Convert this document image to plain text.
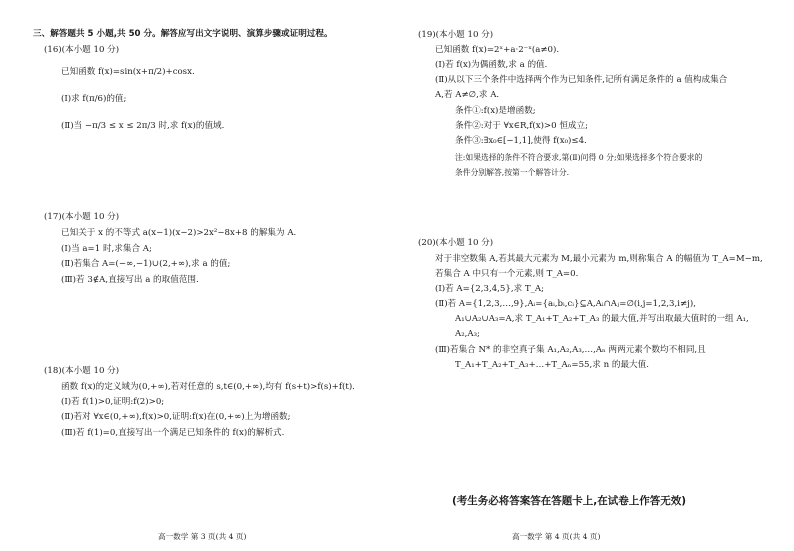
三、解答题共 5 小题,共 50 分。解答应写出文字说明、演算步骤或证明过程。
(16)(本小题 10 分)
已知函数 f(x)=sin(x+π/2)+cosx.
(Ⅰ)求 f(π/6)的值;
(Ⅱ)当 −π/3 ≤ x ≤ 2π/3 时,求 f(x)的值域.
(17)(本小题 10 分)
已知关于 x 的不等式 a(x−1)(x−2)>2x²−8x+8 的解集为 A.
(Ⅰ)当 a=1 时,求集合 A;
(Ⅱ)若集合 A=(−∞,−1)∪(2,+∞),求 a 的值;
(Ⅲ)若 3∉A,直接写出 a 的取值范围.
(18)(本小题 10 分)
函数 f(x)的定义域为(0,+∞),若对任意的 s,t∈(0,+∞),均有 f(s+t)>f(s)+f(t).
(Ⅰ)若 f(1)>0,证明:f(2)>0;
(Ⅱ)若对 ∀x∈(0,+∞),f(x)>0,证明:f(x)在(0,+∞)上为增函数;
(Ⅲ)若 f(1)=0,直接写出一个满足已知条件的 f(x)的解析式.
高一数学 第 3 页(共 4 页)
(19)(本小题 10 分)
已知函数 f(x)=2ˣ+a·2⁻ˣ(a≠0).
(Ⅰ)若 f(x)为偶函数,求 a 的值.
(Ⅱ)从以下三个条件中选择两个作为已知条件,记所有满足条件的 a 值构成集合
A,若 A≠∅,求 A.
条件①:f(x)是增函数;
条件②:对于 ∀x∈R,f(x)>0 恒成立;
条件③:∃x₀∈[−1,1],使得 f(x₀)≤4.
注:如果选择的条件不符合要求,第(Ⅱ)问得 0 分;如果选择多个符合要求的
条件分别解答,按第一个解答计分.
(20)(本小题 10 分)
对于非空数集 A,若其最大元素为 M,最小元素为 m,则称集合 A 的幅值为 T_A=M−m,
若集合 A 中只有一个元素,则 T_A=0.
(Ⅰ)若 A={2,3,4,5},求 T_A;
(Ⅱ)若 A={1,2,3,…,9},Aᵢ={aᵢ,bᵢ,cᵢ}⊆A,Aᵢ∩Aⱼ=∅(i,j=1,2,3,i≠j),
A₁∪A₂∪A₃=A,求 T_A₁+T_A₂+T_A₃ 的最大值,并写出取最大值时的一组 A₁,
A₂,A₃;
(Ⅲ)若集合 N* 的非空真子集 A₁,A₂,A₃,…,Aₙ 两两元素个数均不相同,且
T_A₁+T_A₂+T_A₃+…+T_Aₙ=55,求 n 的最大值.
高一数学 第 4 页(共 4 页)
(考生务必将答案答在答题卡上,在试卷上作答无效)
